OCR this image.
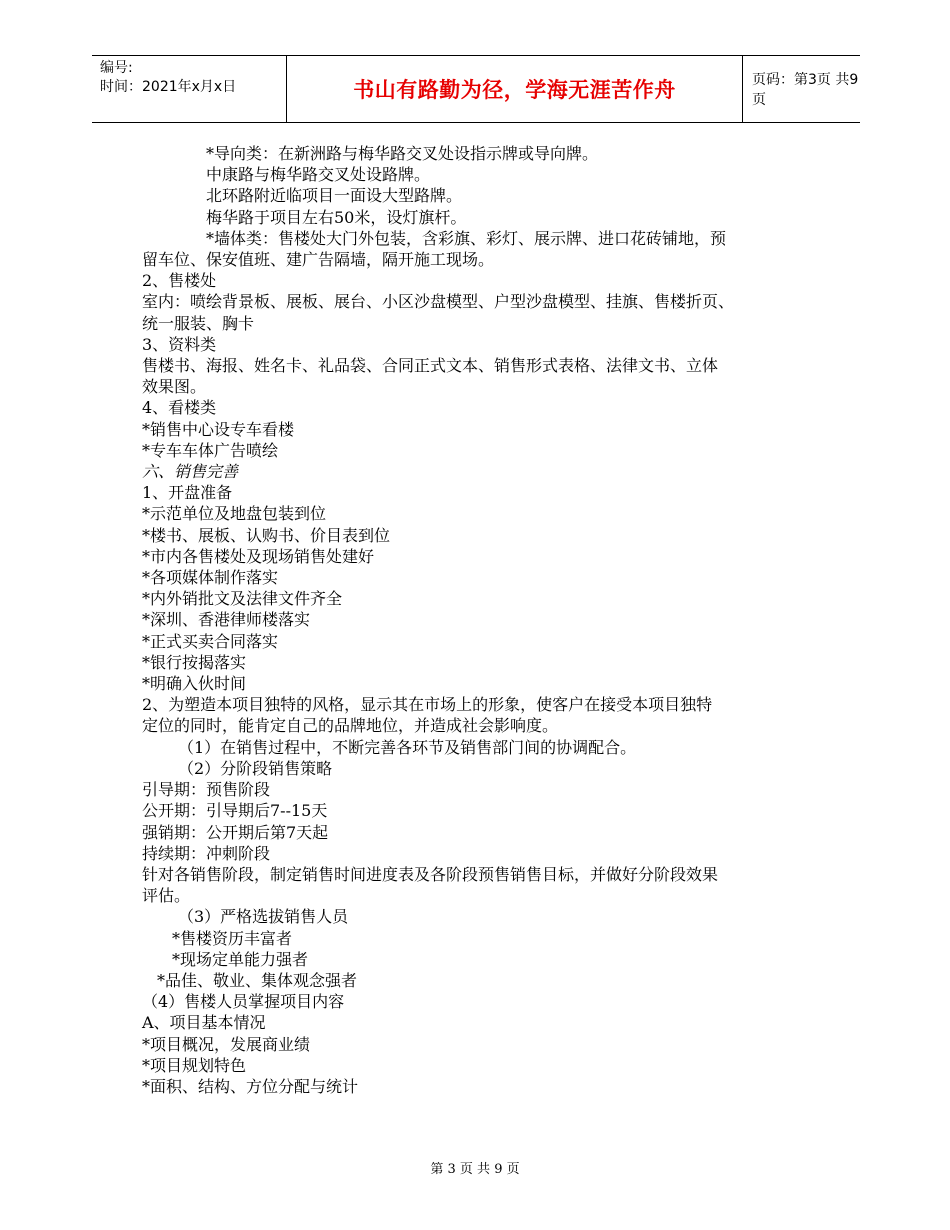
编号:
时间：2021年x月x日	书山有路勤为径，学海无涯苦作舟	页码：第3页 共9页

*导向类：在新洲路与梅华路交叉处设指示牌或导向牌。

中康路与梅华路交叉处设路牌。

北环路附近临项目一面设大型路牌。

梅华路于项目左右50米，设灯旗杆。

*墙体类：售楼处大门外包装，含彩旗、彩灯、展示牌、进口花砖铺地，预

留车位、保安值班、建广告隔墙，隔开施工现场。

2、售楼处

室内：喷绘背景板、展板、展台、小区沙盘模型、户型沙盘模型、挂旗、售楼折页、

统一服装、胸卡

3、资料类

售楼书、海报、姓名卡、礼品袋、合同正式文本、销售形式表格、法律文书、立体

效果图。

4、看楼类

*销售中心设专车看楼

*专车车体广告喷绘

六、销售完善

1、开盘准备

*示范单位及地盘包装到位

*楼书、展板、认购书、价目表到位

*市内各售楼处及现场销售处建好

*各项媒体制作落实

*内外销批文及法律文件齐全

*深圳、香港律师楼落实

*正式买卖合同落实

*银行按揭落实

*明确入伙时间

2、为塑造本项目独特的风格，显示其在市场上的形象，使客户在接受本项目独特

定位的同时，能肯定自己的品牌地位，并造成社会影响度。

（1）在销售过程中，不断完善各环节及销售部门间的协调配合。

（2）分阶段销售策略

引导期：预售阶段

公开期：引导期后7--15天

强销期：公开期后第7天起

持续期：冲刺阶段

针对各销售阶段，制定销售时间进度表及各阶段预售销售目标，并做好分阶段效果

评估。

（3）严格选拔销售人员

*售楼资历丰富者

*现场定单能力强者

*品佳、敬业、集体观念强者

（4）售楼人员掌握项目内容

A、项目基本情况

*项目概况，发展商业绩

*项目规划特色

*面积、结构、方位分配与统计

第 3 页 共 9 页
